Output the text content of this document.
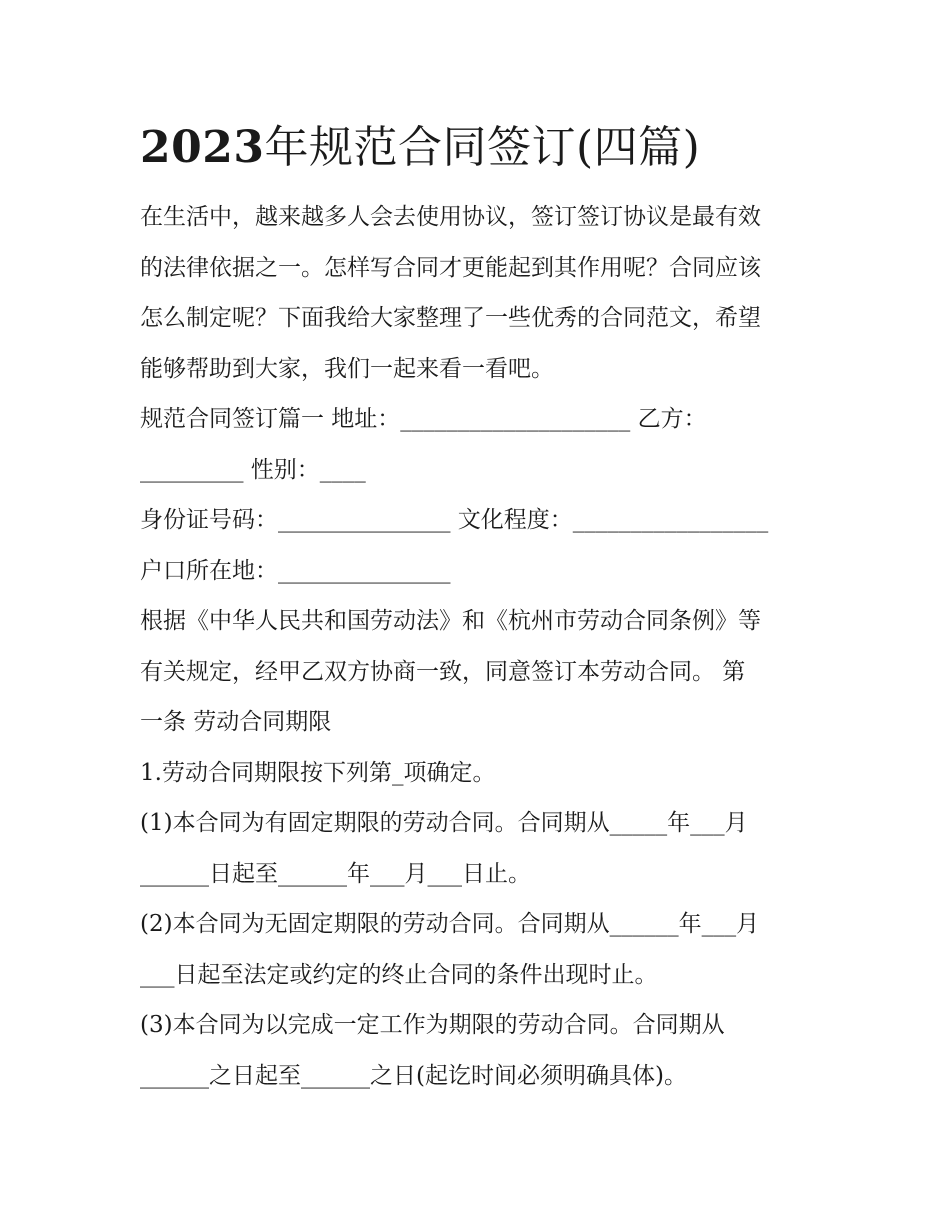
2023年规范合同签订(四篇)
在生活中，越来越多人会去使用协议，签订签订协议是最有效
的法律依据之一。怎样写合同才更能起到其作用呢？合同应该
怎么制定呢？下面我给大家整理了一些优秀的合同范文，希望
能够帮助到大家，我们一起来看一看吧。
规范合同签订篇一 地址：____________________ 乙方：
_________ 性别：____
身份证号码：_______________ 文化程度：_________________
户口所在地：_______________
根据《中华人民共和国劳动法》和《杭州市劳动合同条例》等
有关规定，经甲乙双方协商一致，同意签订本劳动合同。 第
一条 劳动合同期限
1.劳动合同期限按下列第_项确定。
(1)本合同为有固定期限的劳动合同。合同期从_____年___月
______日起至______年___月___日止。
(2)本合同为无固定期限的劳动合同。合同期从______年___月
___日起至法定或约定的终止合同的条件出现时止。
(3)本合同为以完成一定工作为期限的劳动合同。合同期从
______之日起至______之日(起讫时间必须明确具体)。
